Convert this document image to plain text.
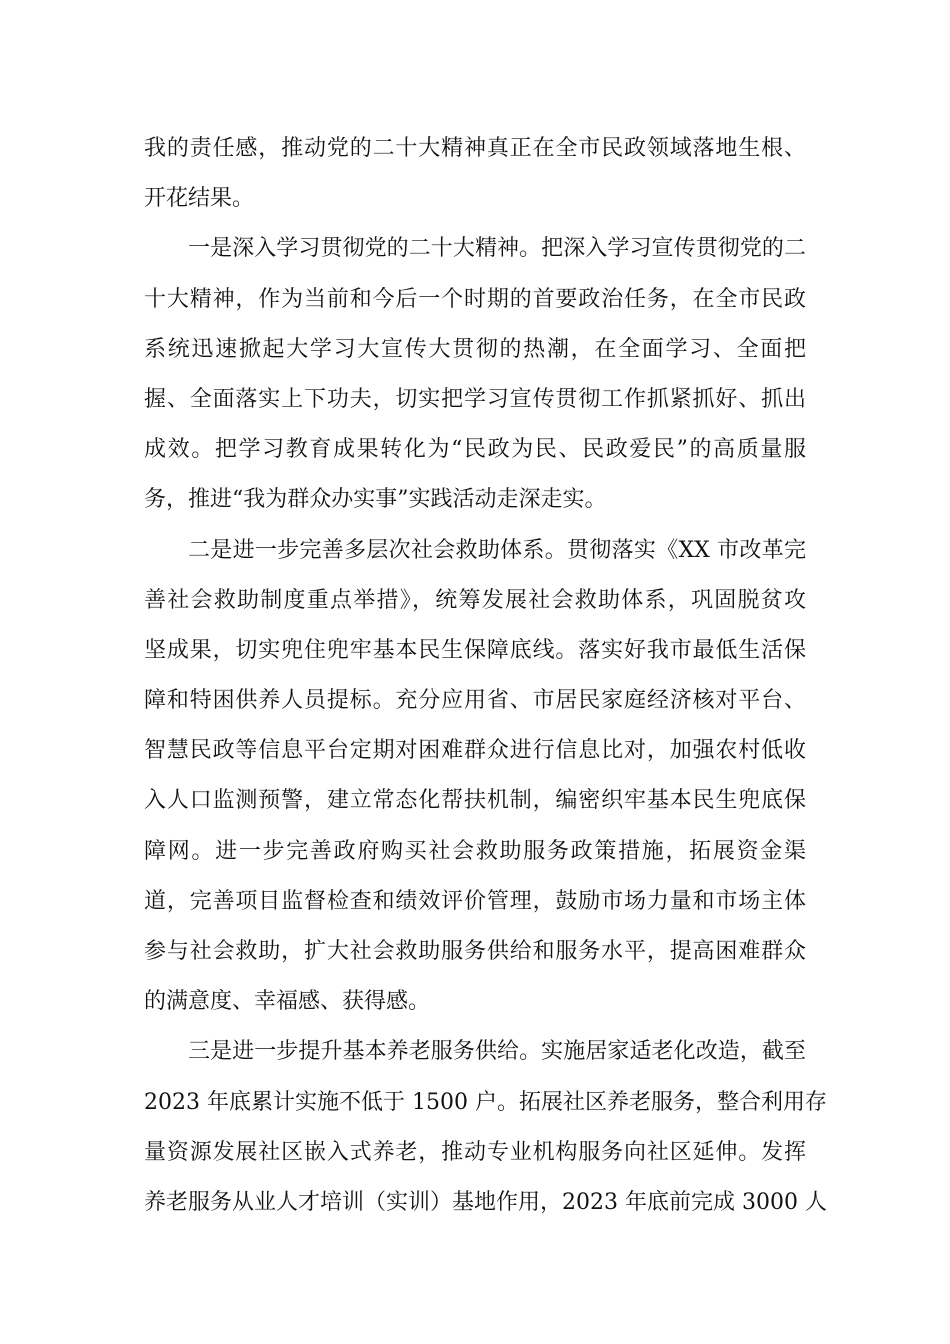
我的责任感，推动党的二十大精神真正在全市民政领域落地生根、
开花结果。
一是深入学习贯彻党的二十大精神。把深入学习宣传贯彻党的二
十大精神，作为当前和今后一个时期的首要政治任务，在全市民政
系统迅速掀起大学习大宣传大贯彻的热潮，在全面学习、全面把
握、全面落实上下功夫，切实把学习宣传贯彻工作抓紧抓好、抓出
成效。把学习教育成果转化为“民政为民、民政爱民”的高质量服
务，推进“我为群众办实事”实践活动走深走实。
二是进一步完善多层次社会救助体系。贯彻落实《XX 市改革完
善社会救助制度重点举措》，统筹发展社会救助体系，巩固脱贫攻
坚成果，切实兜住兜牢基本民生保障底线。落实好我市最低生活保
障和特困供养人员提标。充分应用省、市居民家庭经济核对平台、
智慧民政等信息平台定期对困难群众进行信息比对，加强农村低收
入人口监测预警，建立常态化帮扶机制，编密织牢基本民生兜底保
障网。进一步完善政府购买社会救助服务政策措施，拓展资金渠
道，完善项目监督检查和绩效评价管理，鼓励市场力量和市场主体
参与社会救助，扩大社会救助服务供给和服务水平，提高困难群众
的满意度、幸福感、获得感。
三是进一步提升基本养老服务供给。实施居家适老化改造，截至
2023 年底累计实施不低于 1500 户。拓展社区养老服务，整合利用存
量资源发展社区嵌入式养老，推动专业机构服务向社区延伸。发挥
养老服务从业人才培训（实训）基地作用，2023 年底前完成 3000 人
